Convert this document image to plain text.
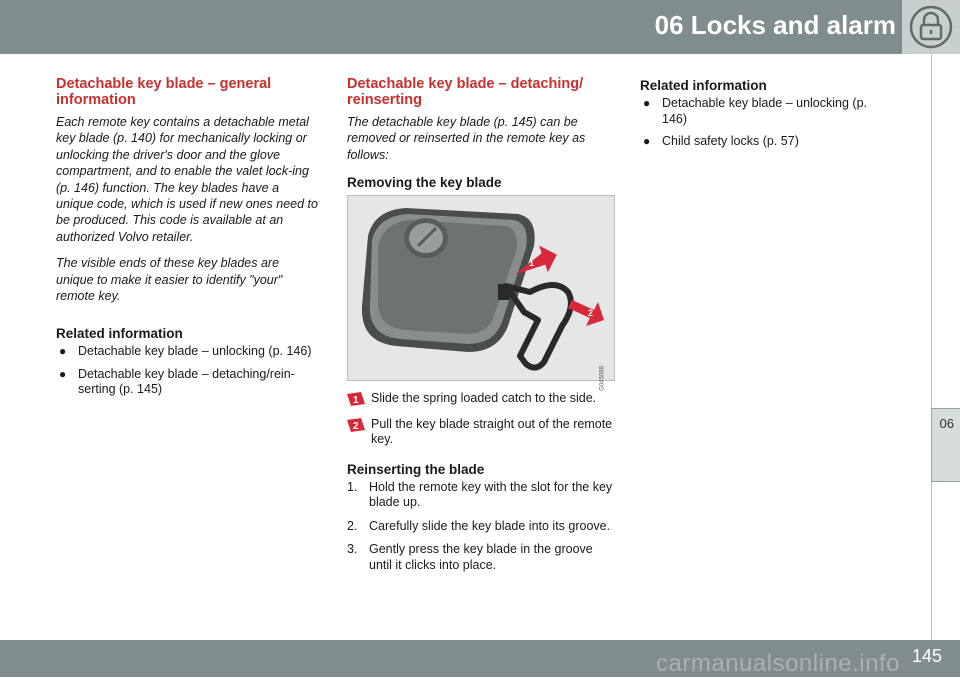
06 Locks and alarm
06
Detachable key blade – general information

Each remote key contains a detachable metal key blade (p. 140) for mechanically locking or unlocking the driver's door and the glove compartment, and to enable the valet lock-ing (p. 146) function. The key blades have a unique code, which is used if new ones need to be produced. This code is available at an authorized Volvo retailer.

The visible ends of these key blades are unique to make it easier to identify "your" remote key.

Related information
● Detachable key blade – unlocking (p. 146)
● Detachable key blade – detaching/rein-serting (p. 145)
Detachable key blade – detaching/ reinserting

The detachable key blade (p. 145) can be removed or reinserted in the remote key as follows:

Removing the key blade
1
2
G045088
1 Slide the spring loaded catch to the side.
2 Pull the key blade straight out of the remote key.
Reinserting the blade
1. Hold the remote key with the slot for the key blade up.
2. Carefully slide the key blade into its groove.
3. Gently press the key blade in the groove until it clicks into place.
Related information
● Detachable key blade – unlocking (p. 146)
● Child safety locks (p. 57)
carmanualsonline.info 145
